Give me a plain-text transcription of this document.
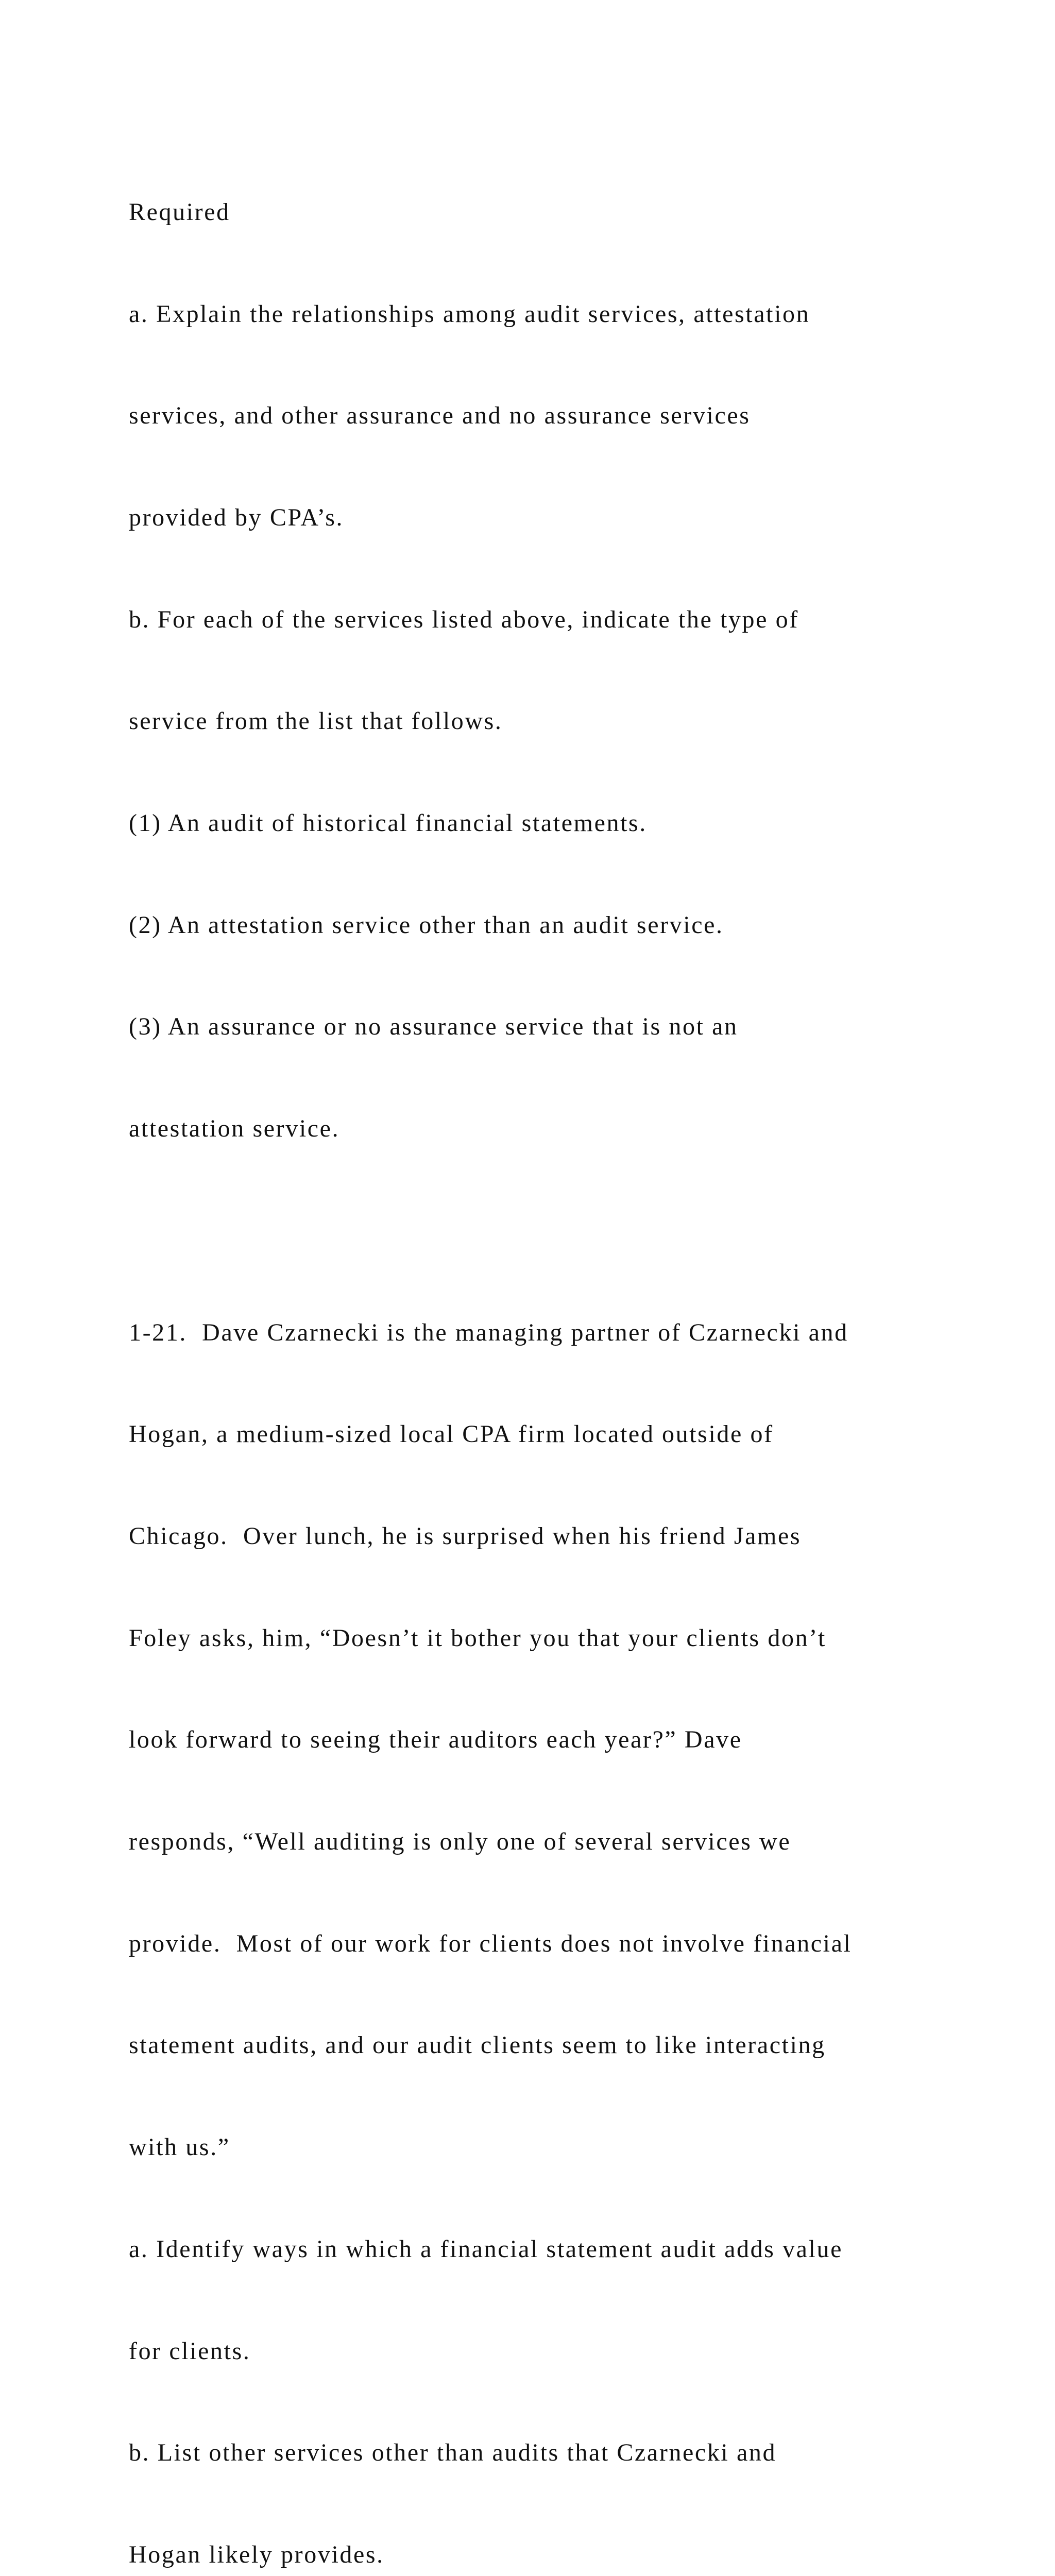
Required

a. Explain the relationships among audit services, attestation

services, and other assurance and no assurance services

provided by CPA’s.

b. For each of the services listed above, indicate the type of

service from the list that follows.

(1) An audit of historical financial statements.

(2) An attestation service other than an audit service.

(3) An assurance or no assurance service that is not an

attestation service.

1-21.  Dave Czarnecki is the managing partner of Czarnecki and

Hogan, a medium-sized local CPA firm located outside of

Chicago.  Over lunch, he is surprised when his friend James

Foley asks, him, “Doesn’t it bother you that your clients don’t

look forward to seeing their auditors each year?” Dave

responds, “Well auditing is only one of several services we

provide.  Most of our work for clients does not involve financial

statement audits, and our audit clients seem to like interacting

with us.”

a. Identify ways in which a financial statement audit adds value

for clients.

b. List other services other than audits that Czarnecki and

Hogan likely provides.
